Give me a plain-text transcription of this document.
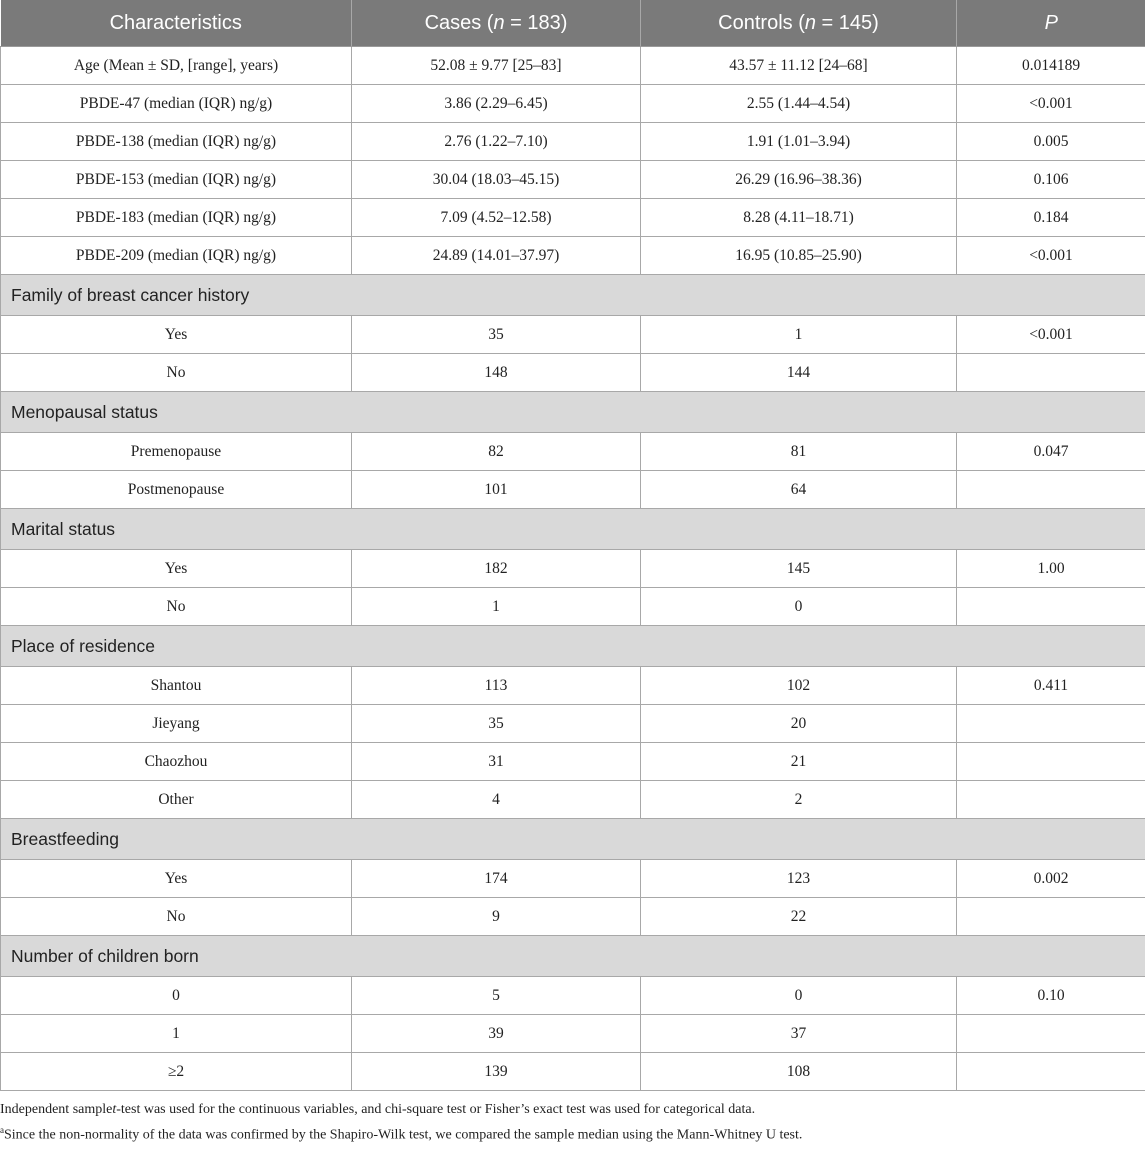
Characteristics	Cases (n = 183)	Controls (n = 145)	P
Age (Mean ± SD, [range], years)	52.08 ± 9.77 [25–83]	43.57 ± 11.12 [24–68]	0.014189
PBDE-47 (median (IQR) ng/g)	3.86 (2.29–6.45)	2.55 (1.44–4.54)	<0.001
PBDE-138 (median (IQR) ng/g)	2.76 (1.22–7.10)	1.91 (1.01–3.94)	0.005
PBDE-153 (median (IQR) ng/g)	30.04 (18.03–45.15)	26.29 (16.96–38.36)	0.106
PBDE-183 (median (IQR) ng/g)	7.09 (4.52–12.58)	8.28 (4.11–18.71)	0.184
PBDE-209 (median (IQR) ng/g)	24.89 (14.01–37.97)	16.95 (10.85–25.90)	<0.001
Family of breast cancer history			
Yes	35	1	<0.001
No	148	144	
Menopausal status			
Premenopause	82	81	0.047
Postmenopause	101	64	
Marital status			
Yes	182	145	1.00
No	1	0	
Place of residence			
Shantou	113	102	0.411
Jieyang	35	20	
Chaozhou	31	21	
Other	4	2	
Breastfeeding			
Yes	174	123	0.002
No	9	22	
Number of children born			
0	5	0	0.10
1	39	37	
≥2	139	108	
Independent samplet-test was used for the continuous variables, and chi-square test or Fisher’s exact test was used for categorical data.
$^a$Since the non-normality of the data was confirmed by the Shapiro-Wilk test, we compared the sample median using the Mann-Whitney U test.
